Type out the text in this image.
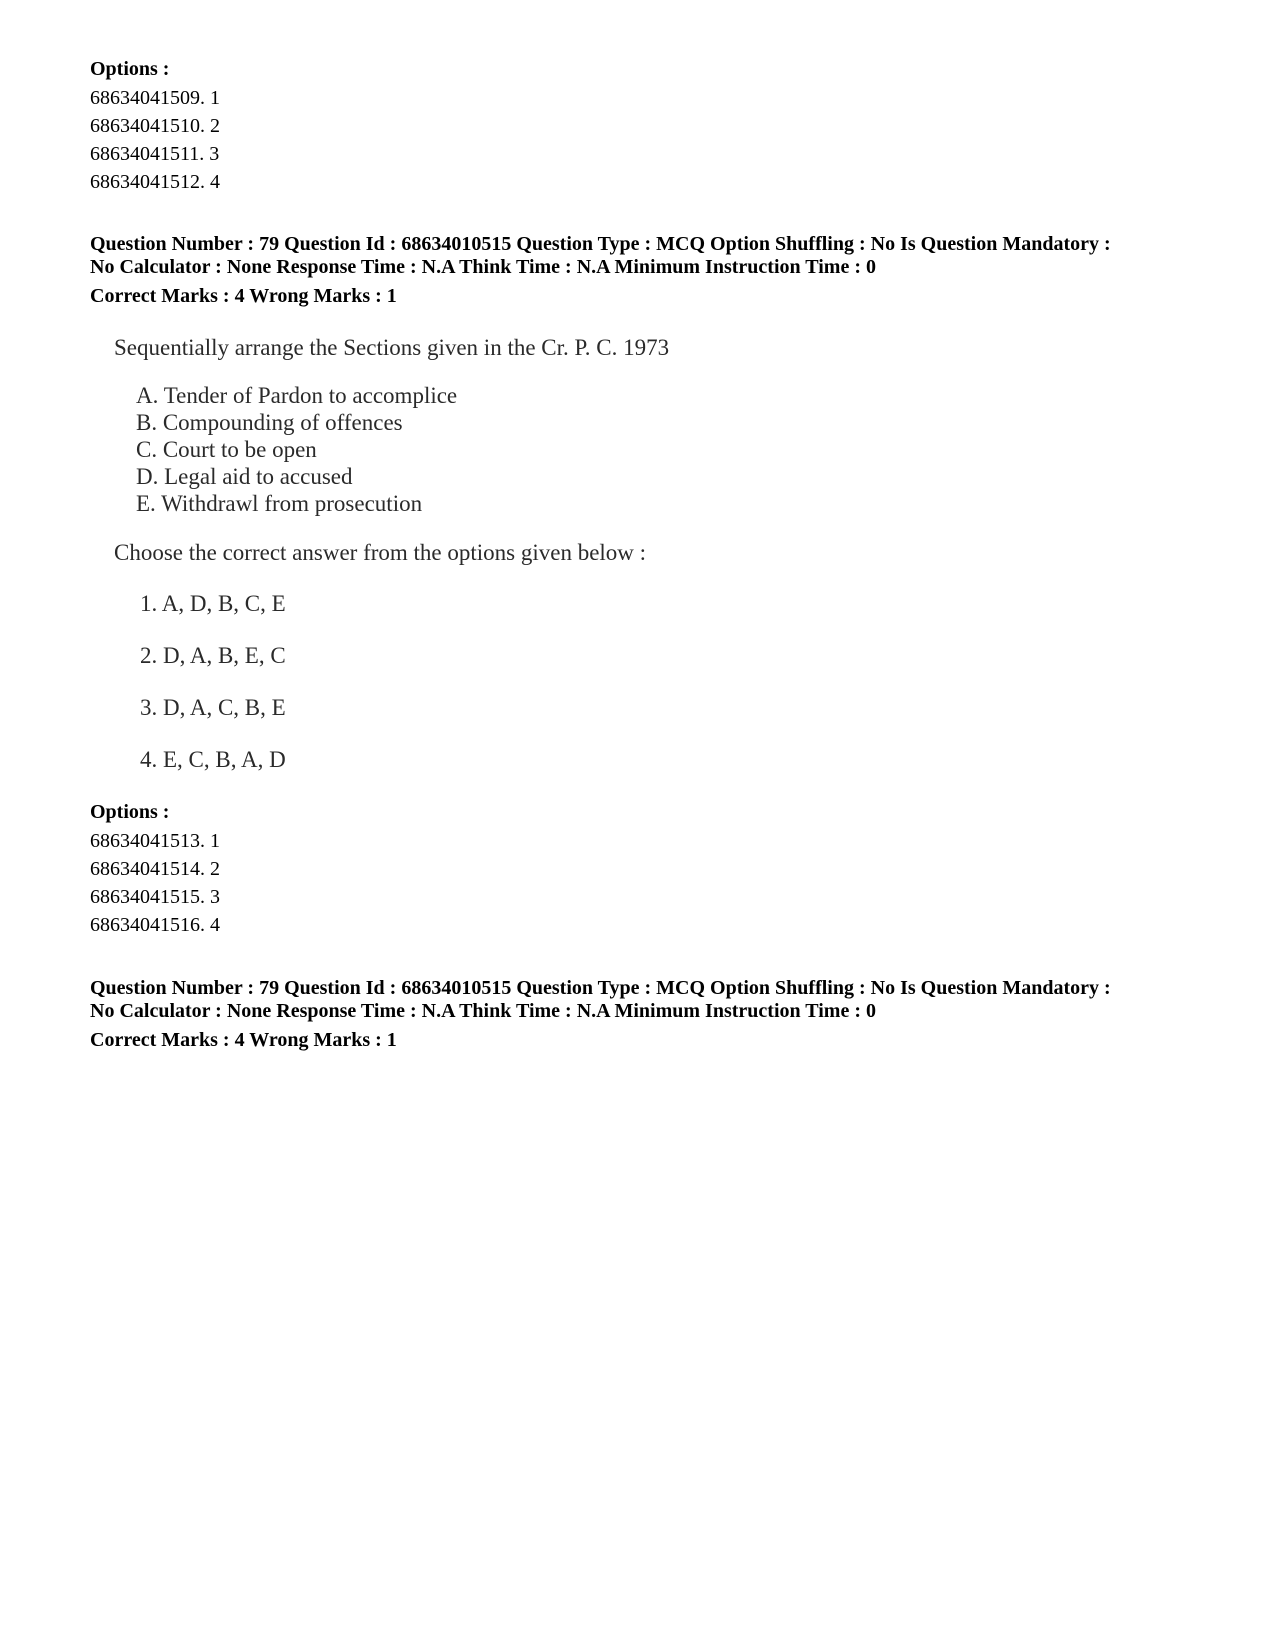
Options :

68634041509. 1

68634041510. 2

68634041511. 3

68634041512. 4

Question Number : 79 Question Id : 68634010515 Question Type : MCQ Option Shuffling : No Is Question Mandatory :

No Calculator : None Response Time : N.A Think Time : N.A Minimum Instruction Time : 0

Correct Marks : 4 Wrong Marks : 1

Sequentially arrange the Sections given in the Cr. P. C. 1973
A. Tender of Pardon to accomplice
B. Compounding of offences
C. Court to be open
D. Legal aid to accused
E. Withdrawl from prosecution
Choose the correct answer from the options given below :
1. A, D, B, C, E
2. D, A, B, E, C
3. D, A, C, B, E
4. E, C, B, A, D

Options :

68634041513. 1

68634041514. 2

68634041515. 3

68634041516. 4

Question Number : 79 Question Id : 68634010515 Question Type : MCQ Option Shuffling : No Is Question Mandatory :

No Calculator : None Response Time : N.A Think Time : N.A Minimum Instruction Time : 0

Correct Marks : 4 Wrong Marks : 1
